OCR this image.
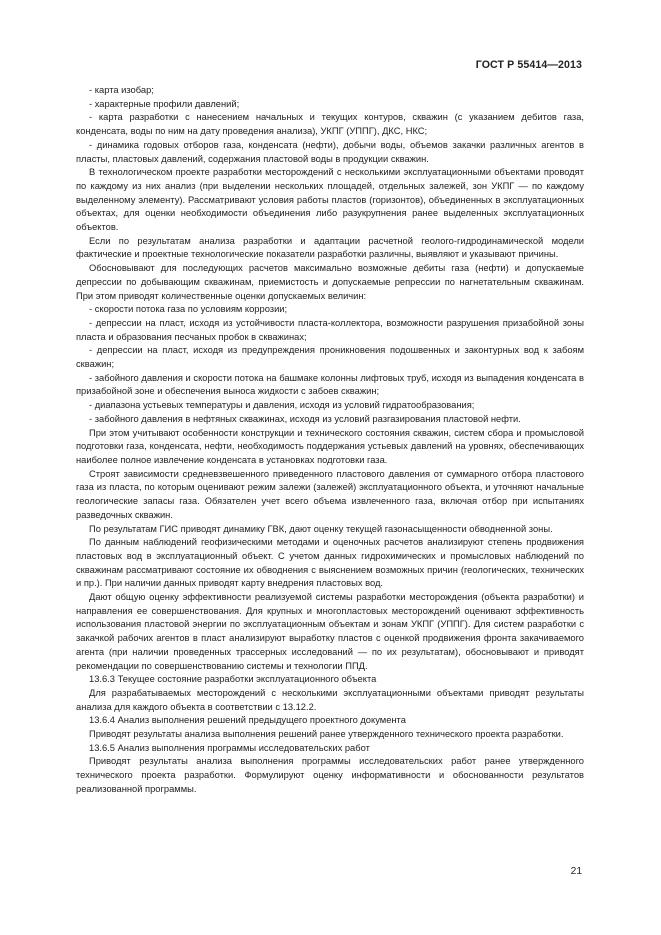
ГОСТ Р 55414—2013

- карта изобар;

- характерные профили давлений;

- карта разработки с нанесением начальных и текущих контуров, скважин (с указанием дебитов газа, конденсата, воды по ним на дату проведения анализа), УКПГ (УППГ), ДКС, НКС;

- динамика годовых отборов газа, конденсата (нефти), добычи воды, объемов закачки различных агентов в пласты, пластовых давлений, содержания пластовой воды в продукции скважин.

В технологическом проекте разработки месторождений с несколькими эксплуатационными объектами проводят по каждому из них анализ (при выделении нескольких площадей, отдельных залежей, зон УКПГ — по каждому выделенному элементу). Рассматривают условия работы пластов (горизонтов), объединенных в эксплуатационных объектах, для оценки необходимости объединения либо разукрупнения ранее выделенных эксплуатационных объектов.

Если по результатам анализа разработки и адаптации расчетной геолого-гидродинамической модели фактические и проектные технологические показатели разработки различны, выявляют и указывают причины.

Обосновывают для последующих расчетов максимально возможные дебиты газа (нефти) и допускаемые депрессии по добывающим скважинам, приемистость и допускаемые репрессии по нагнетательным скважинам. При этом приводят количественные оценки допускаемых величин:

- скорости потока газа по условиям коррозии;

- депрессии на пласт, исходя из устойчивости пласта-коллектора, возможности разрушения призабойной зоны пласта и образования песчаных пробок в скважинах;

- депрессии на пласт, исходя из предупреждения проникновения подошвенных и законтурных вод к забоям скважин;

- забойного давления и скорости потока на башмаке колонны лифтовых труб, исходя из выпадения конденсата в призабойной зоне и обеспечения выноса жидкости с забоев скважин;

- диапазона устьевых температуры и давления, исходя из условий гидратообразования;

- забойного давления в нефтяных скважинах, исходя из условий разгазирования пластовой нефти.

При этом учитывают особенности конструкции и технического состояния скважин, систем сбора и промысловой подготовки газа, конденсата, нефти, необходимость поддержания устьевых давлений на уровнях, обеспечивающих наиболее полное извлечение конденсата в установках подготовки газа.

Строят зависимости средневзвешенного приведенного пластового давления от суммарного отбора пластового газа из пласта, по которым оценивают режим залежи (залежей) эксплуатационного объекта, и уточняют начальные геологические запасы газа. Обязателен учет всего объема извлеченного газа, включая отбор при испытаниях разведочных скважин.

По результатам ГИС приводят динамику ГВК, дают оценку текущей газонасыщенности обводненной зоны.

По данным наблюдений геофизическими методами и оценочных расчетов анализируют степень продвижения пластовых вод в эксплуатационный объект. С учетом данных гидрохимических и промысловых наблюдений по скважинам рассматривают состояние их обводнения с выяснением возможных причин (геологических, технических и пр.). При наличии данных приводят карту внедрения пластовых вод.

Дают общую оценку эффективности реализуемой системы разработки месторождения (объекта разработки) и направления ее совершенствования. Для крупных и многопластовых месторождений оценивают эффективность использования пластовой энергии по эксплуатационным объектам и зонам УКПГ (УППГ). Для систем разработки с закачкой рабочих агентов в пласт анализируют выработку пластов с оценкой продвижения фронта закачиваемого агента (при наличии проведенных трассерных исследований — по их результатам), обосновывают и приводят рекомендации по совершенствованию системы и технологии ППД.

13.6.3 Текущее состояние разработки эксплуатационного объекта

Для разрабатываемых месторождений с несколькими эксплуатационными объектами приводят результаты анализа для каждого объекта в соответствии с 13.12.2.

13.6.4 Анализ выполнения решений предыдущего проектного документа

Приводят результаты анализа выполнения решений ранее утвержденного технического проекта разработки.

13.6.5 Анализ выполнения программы исследовательских работ

Приводят результаты анализа выполнения программы исследовательских работ ранее утвержденного технического проекта разработки. Формулируют оценку информативности и обоснованности результатов реализованной программы.

21
